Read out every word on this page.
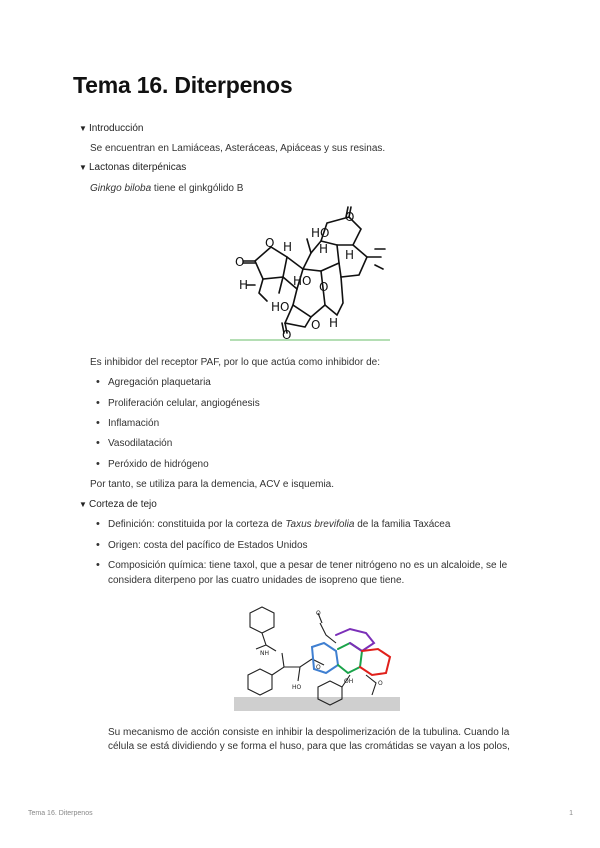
Tema 16. Diterpenos
▼ Introducción
Se encuentran en Lamiáceas, Asteráceas, Apiáceas y sus resinas.
▼ Lactonas diterpénicas
Ginkgo biloba tiene el ginkgólido B
O
HO
O H H
HO
H
H
HO
O
O H
O
O
Es inhibidor del receptor PAF, por lo que actúa como inhibidor de:
• Agregación plaquetaria
• Proliferación celular, angiogénesis
• Inflamación
• Vasodilatación
• Peróxido de hidrógeno
Por tanto, se utiliza para la demencia, ACV e isquemia.
▼ Corteza de tejo
• Definición: constituida por la corteza de Taxus brevifolia de la familia Taxácea
• Origen: costa del pacífico de Estados Unidos
• Composición química: tiene taxol, que a pesar de tener nitrógeno no es un alcaloide, se le
considera diterpeno por las cuatro unidades de isopreno que tiene.
NH
HO
O
OH
O
O
Su mecanismo de acción consiste en inhibir la despolimerización de la tubulina. Cuando la
célula se está dividiendo y se forma el huso, para que las cromátidas se vayan a los polos,
Tema 16. Diterpenos	1
